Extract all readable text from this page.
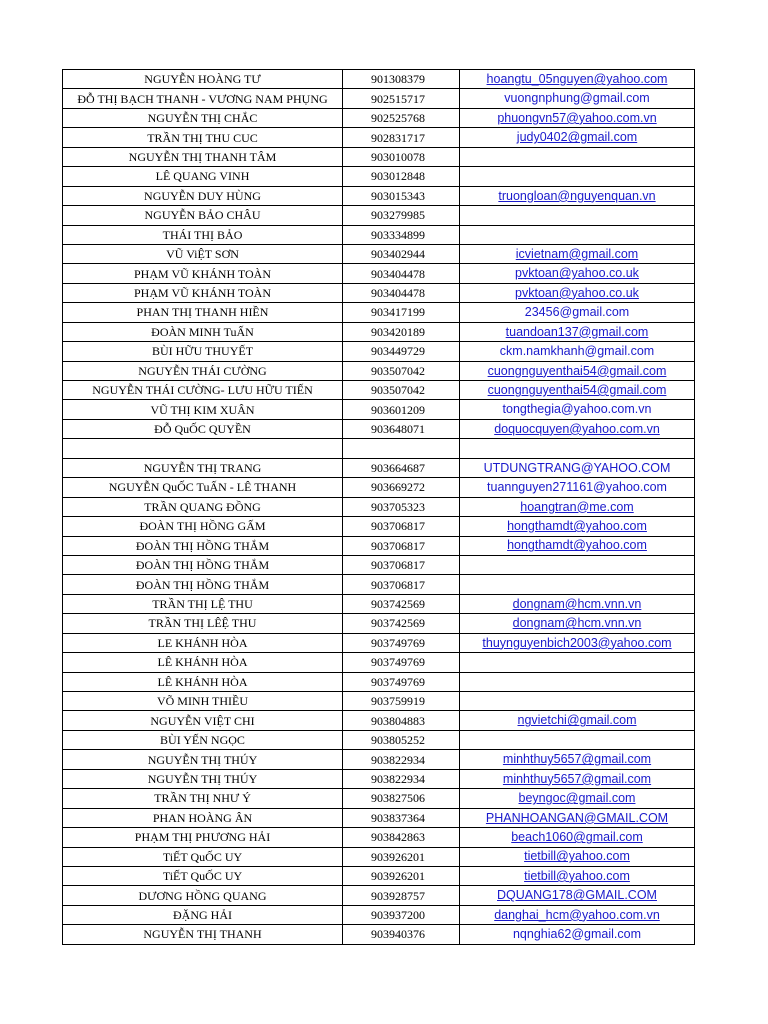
NGUYỄN HOÀNG TƯ	901308379	hoangtu_05nguyen@yahoo.com
ĐỖ THỊ BẠCH THANH - VƯƠNG NAM PHỤNG	902515717	vuongnphung@gmail.com
NGUYỄN THỊ CHẮC	902525768	phuongvn57@yahoo.com.vn
TRẦN THỊ THU CUC	902831717	judy0402@gmail.com
NGUYỄN THỊ THANH TÂM	903010078
LÊ QUANG VINH	903012848
NGUYỄN DUY HÙNG	903015343	truongloan@nguyenquan.vn
NGUYỄN BẢO CHÂU	903279985
THÁI THỊ BẢO	903334899
VŨ ViỆT SƠN	903402944	icvietnam@gmail.com
PHẠM VŨ KHÁNH TOÀN	903404478	pvktoan@yahoo.co.uk
PHẠM VŨ KHÁNH TOÀN	903404478	pvktoan@yahoo.co.uk
PHAN THỊ THANH HIỀN	903417199	23456@gmail.com
ĐOÀN MINH TuẤN	903420189	tuandoan137@gmail.com
BÙI HỮU THUYẾT	903449729	ckm.namkhanh@gmail.com
NGUYỄN THÁI CƯỜNG	903507042	cuongnguyenthai54@gmail.com
NGUYỄN THÁI CƯỜNG- LƯU HỮU TIẾN	903507042	cuongnguyenthai54@gmail.com
VŨ THỊ KIM XUÂN	903601209	tongthegia@yahoo.com.vn
ĐỖ QuỐC QUYỀN	903648071	doquocquyen@yahoo.com.vn
NGUYỄN THỊ TRANG	903664687	UTDUNGTRANG@YAHOO.COM
NGUYỄN QuỐC TuẤN - LÊ THANH	903669272	tuannguyen271161@yahoo.com
TRẦN QUANG ĐỒNG	903705323	hoangtran@me.com
ĐOÀN THỊ HỒNG GẤM	903706817	hongthamdt@yahoo.com
ĐOÀN THỊ HỒNG THẮM	903706817	hongthamdt@yahoo.com
ĐOÀN THỊ HỒNG THẮM	903706817
ĐOÀN THỊ HỒNG THẮM	903706817
TRẦN THỊ LỆ THU	903742569	dongnam@hcm.vnn.vn
TRẦN THỊ LÊỆ THU	903742569	dongnam@hcm.vnn.vn
LE KHÁNH HÒA	903749769	thuynguyenbich2003@yahoo.com
LÊ KHÁNH HÒA	903749769
LÊ KHÁNH HÒA	903749769
VÕ MINH THIỀU	903759919
NGUYỄN VIỆT CHI	903804883	ngvietchi@gmail.com
BÙI YẾN NGỌC	903805252
NGUYỄN THỊ THÚY	903822934	minhthuy5657@gmail.com
NGUYỄN THỊ THÚY	903822934	minhthuy5657@gmail.com
TRẦN THỊ NHƯ Ý	903827506	beyngoc@gmail.com
PHAN HOÀNG ÂN	903837364	PHANHOANGAN@GMAIL.COM
PHẠM THỊ PHƯƠNG HẢI	903842863	beach1060@gmail.com
TiẾT QuỐC UY	903926201	tietbill@yahoo.com
TiẾT QuỐC UY	903926201	tietbill@yahoo.com
DƯƠNG HỒNG QUANG	903928757	DQUANG178@GMAIL.COM
ĐẶNG HẢI	903937200	danghai_hcm@yahoo.com.vn
NGUYỄN THỊ THANH	903940376	nqnghia62@gmail.com
